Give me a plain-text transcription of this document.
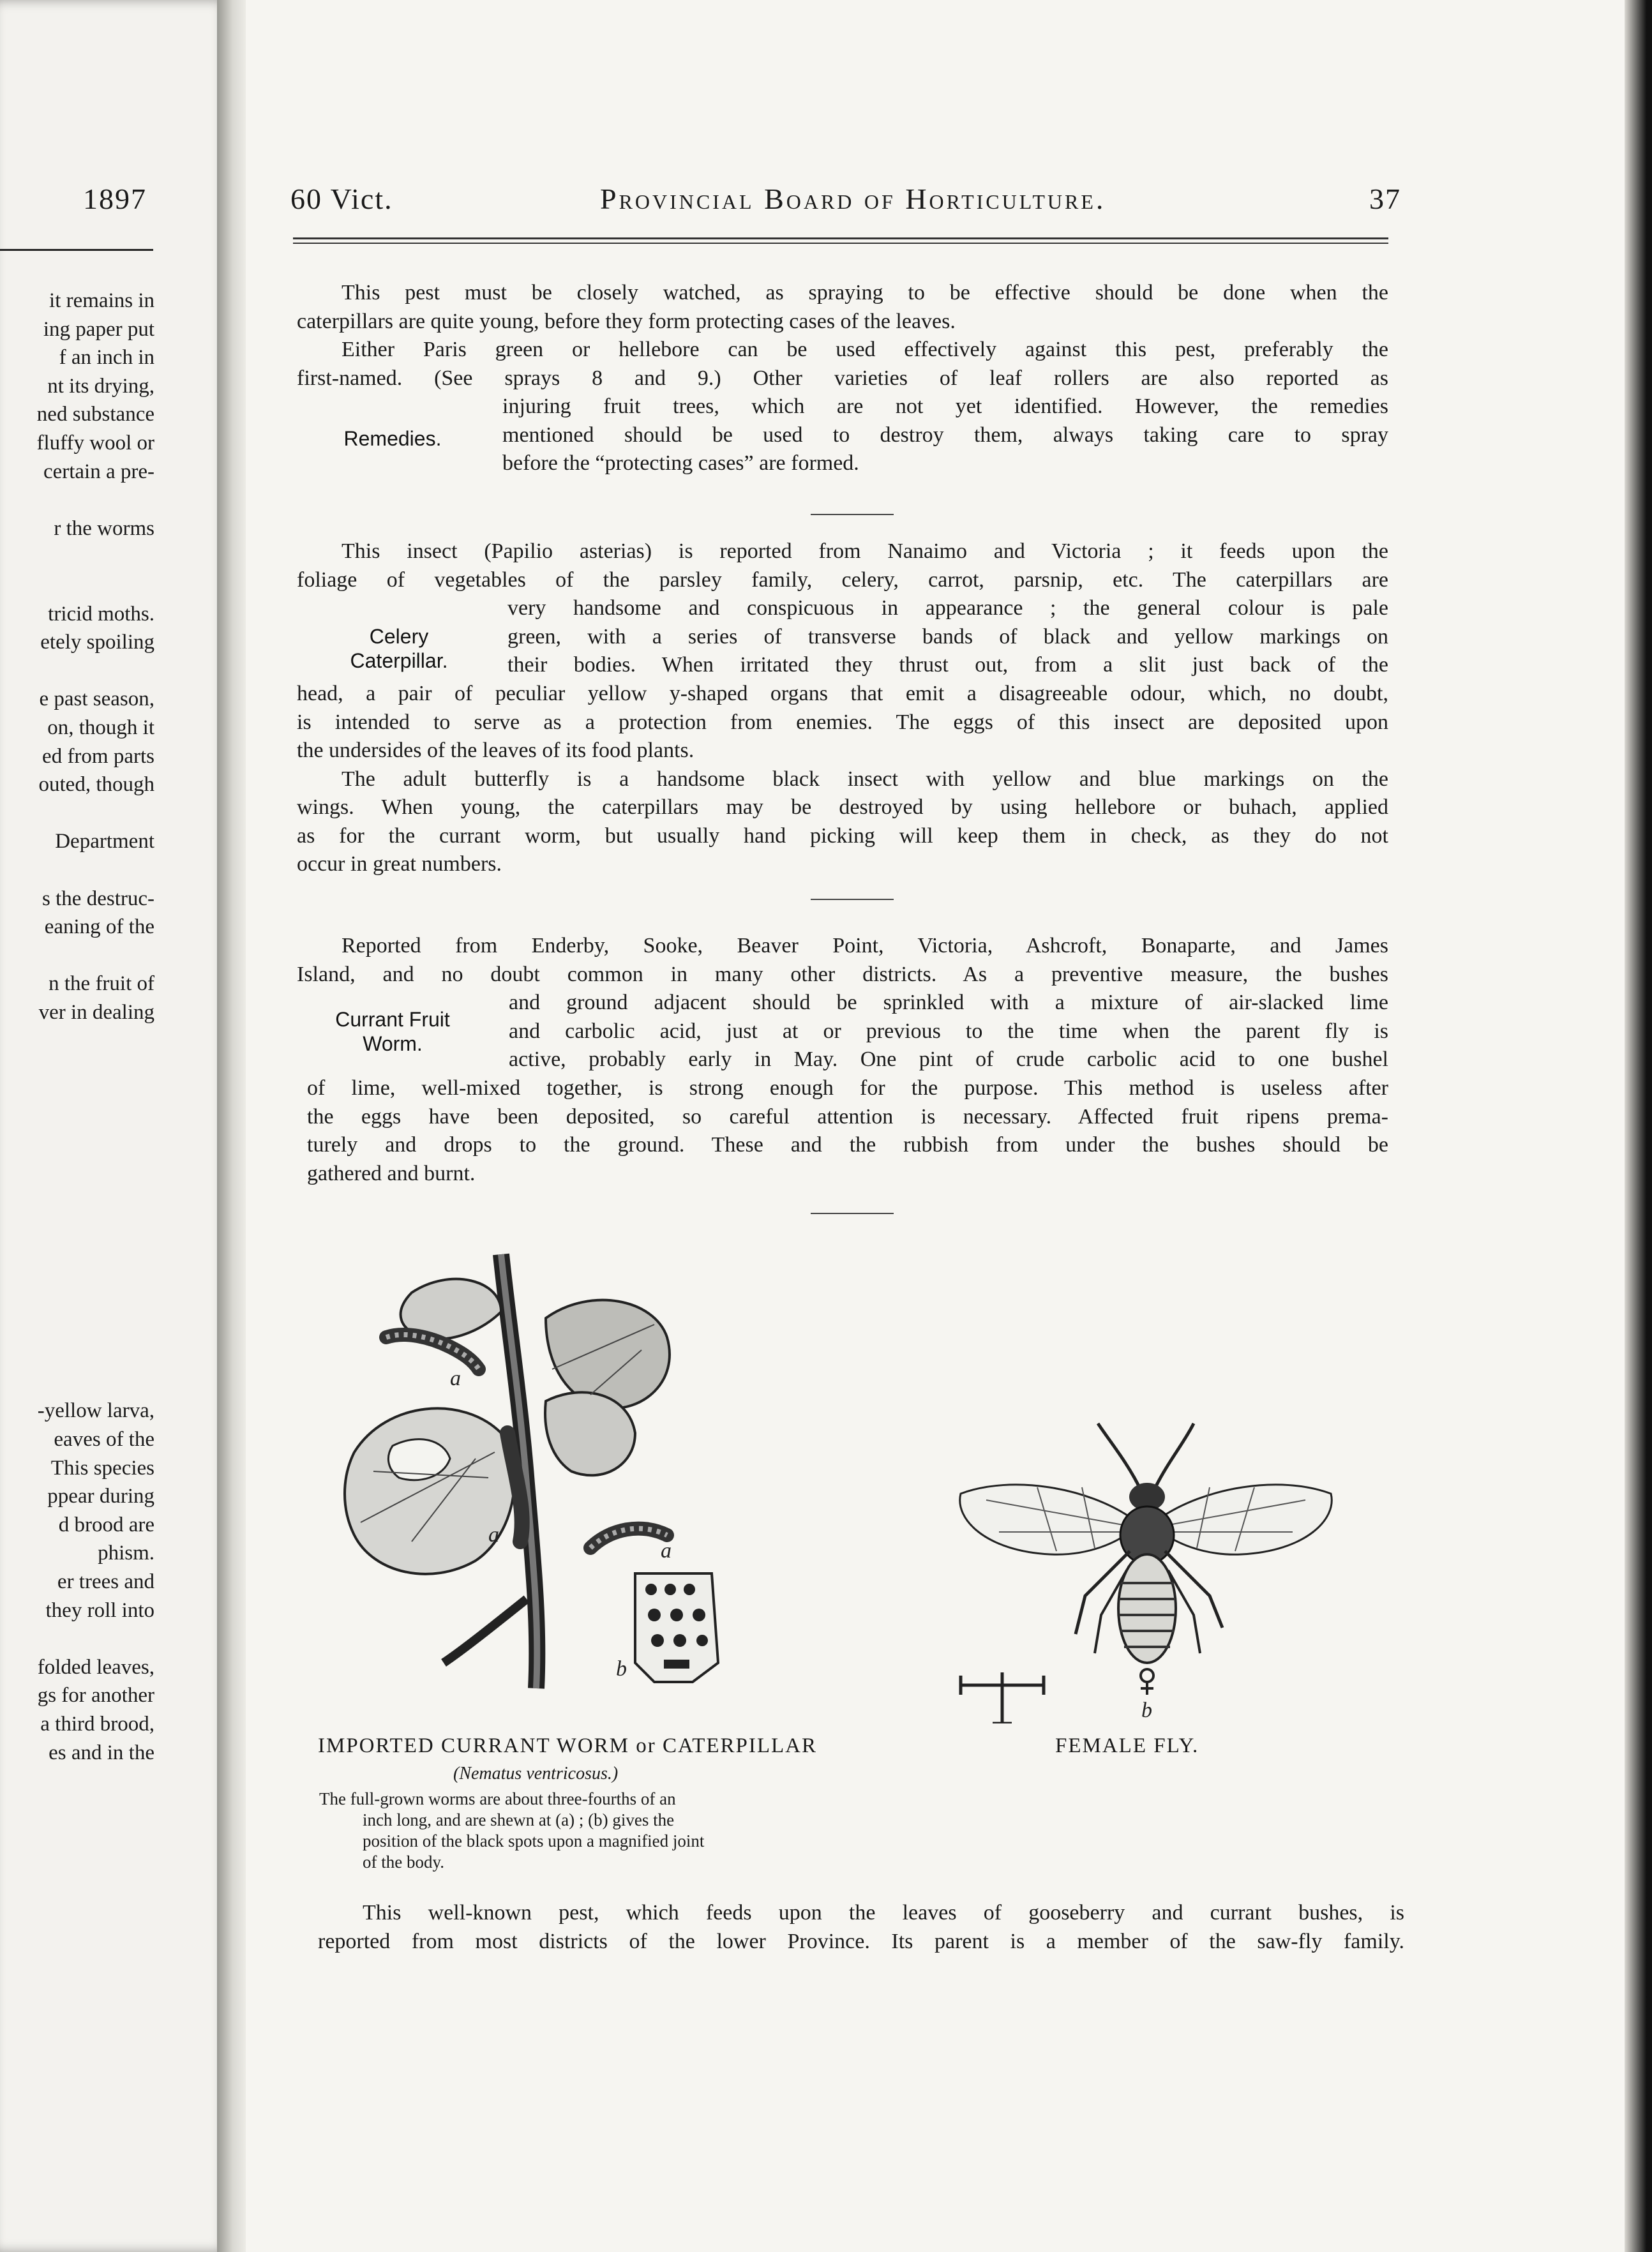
1897
it remains in
ing paper put
f an inch in
nt its drying,
ned substance
fluffy wool or
certain a pre-
r the worms
tricid moths.
etely spoiling
e past season,
on, though it
ed from parts
outed, though
Department
s the destruc-
eaning of the
n the fruit of
ver in dealing
-yellow larva,
eaves of the
This species
ppear during
d brood are
phism.
er trees and
they roll into
folded leaves,
gs for another
a third brood,
es and in the
60 Vict.	Provincial Board of Horticulture.	37
This pest must be closely watched, as spraying to be effective should be done when the
caterpillars are quite young, before they form protecting cases of the leaves.
Either Paris green or hellebore can be used effectively against this pest, preferably the
first-named. (See sprays 8 and 9.) Other varieties of leaf rollers are also reported as
injuring fruit trees, which are not yet identified. However, the remedies
mentioned should be used to destroy them, always taking care to spray
before the “protecting cases” are formed.
Remedies.
This insect (Papilio asterias) is reported from Nanaimo and Victoria ; it feeds upon the
foliage of vegetables of the parsley family, celery, carrot, parsnip, etc. The caterpillars are
very handsome and conspicuous in appearance ; the general colour is pale
green, with a series of transverse bands of black and yellow markings on
their bodies. When irritated they thrust out, from a slit just back of the
Celery
Caterpillar.
head, a pair of peculiar yellow y-shaped organs that emit a disagreeable odour, which, no doubt,
is intended to serve as a protection from enemies. The eggs of this insect are deposited upon
the undersides of the leaves of its food plants.
The adult butterfly is a handsome black insect with yellow and blue markings on the
wings. When young, the caterpillars may be destroyed by using hellebore or buhach, applied
as for the currant worm, but usually hand picking will keep them in check, as they do not
occur in great numbers.
Reported from Enderby, Sooke, Beaver Point, Victoria, Ashcroft, Bonaparte, and James
Island, and no doubt common in many other districts. As a preventive measure, the bushes
and ground adjacent should be sprinkled with a mixture of air-slacked lime
and carbolic acid, just at or previous to the time when the parent fly is
active, probably early in May. One pint of crude carbolic acid to one bushel
Currant Fruit
Worm.
of lime, well-mixed together, is strong enough for the purpose. This method is useless after
the eggs have been deposited, so careful attention is necessary. Affected fruit ripens prema-
turely and drops to the ground. These and the rubbish from under the bushes should be
gathered and burnt.
a
a
a
b
IMPORTED CURRANT WORM or CATERPILLAR
(Nematus ventricosus.)
The full-grown worms are about three-fourths of an
inch long, and are shewn at (a) ; (b) gives the
position of the black spots upon a magnified joint
of the body.
b
FEMALE FLY.
This well-known pest, which feeds upon the leaves of gooseberry and currant bushes, is
reported from most districts of the lower Province. Its parent is a member of the saw-fly family.
